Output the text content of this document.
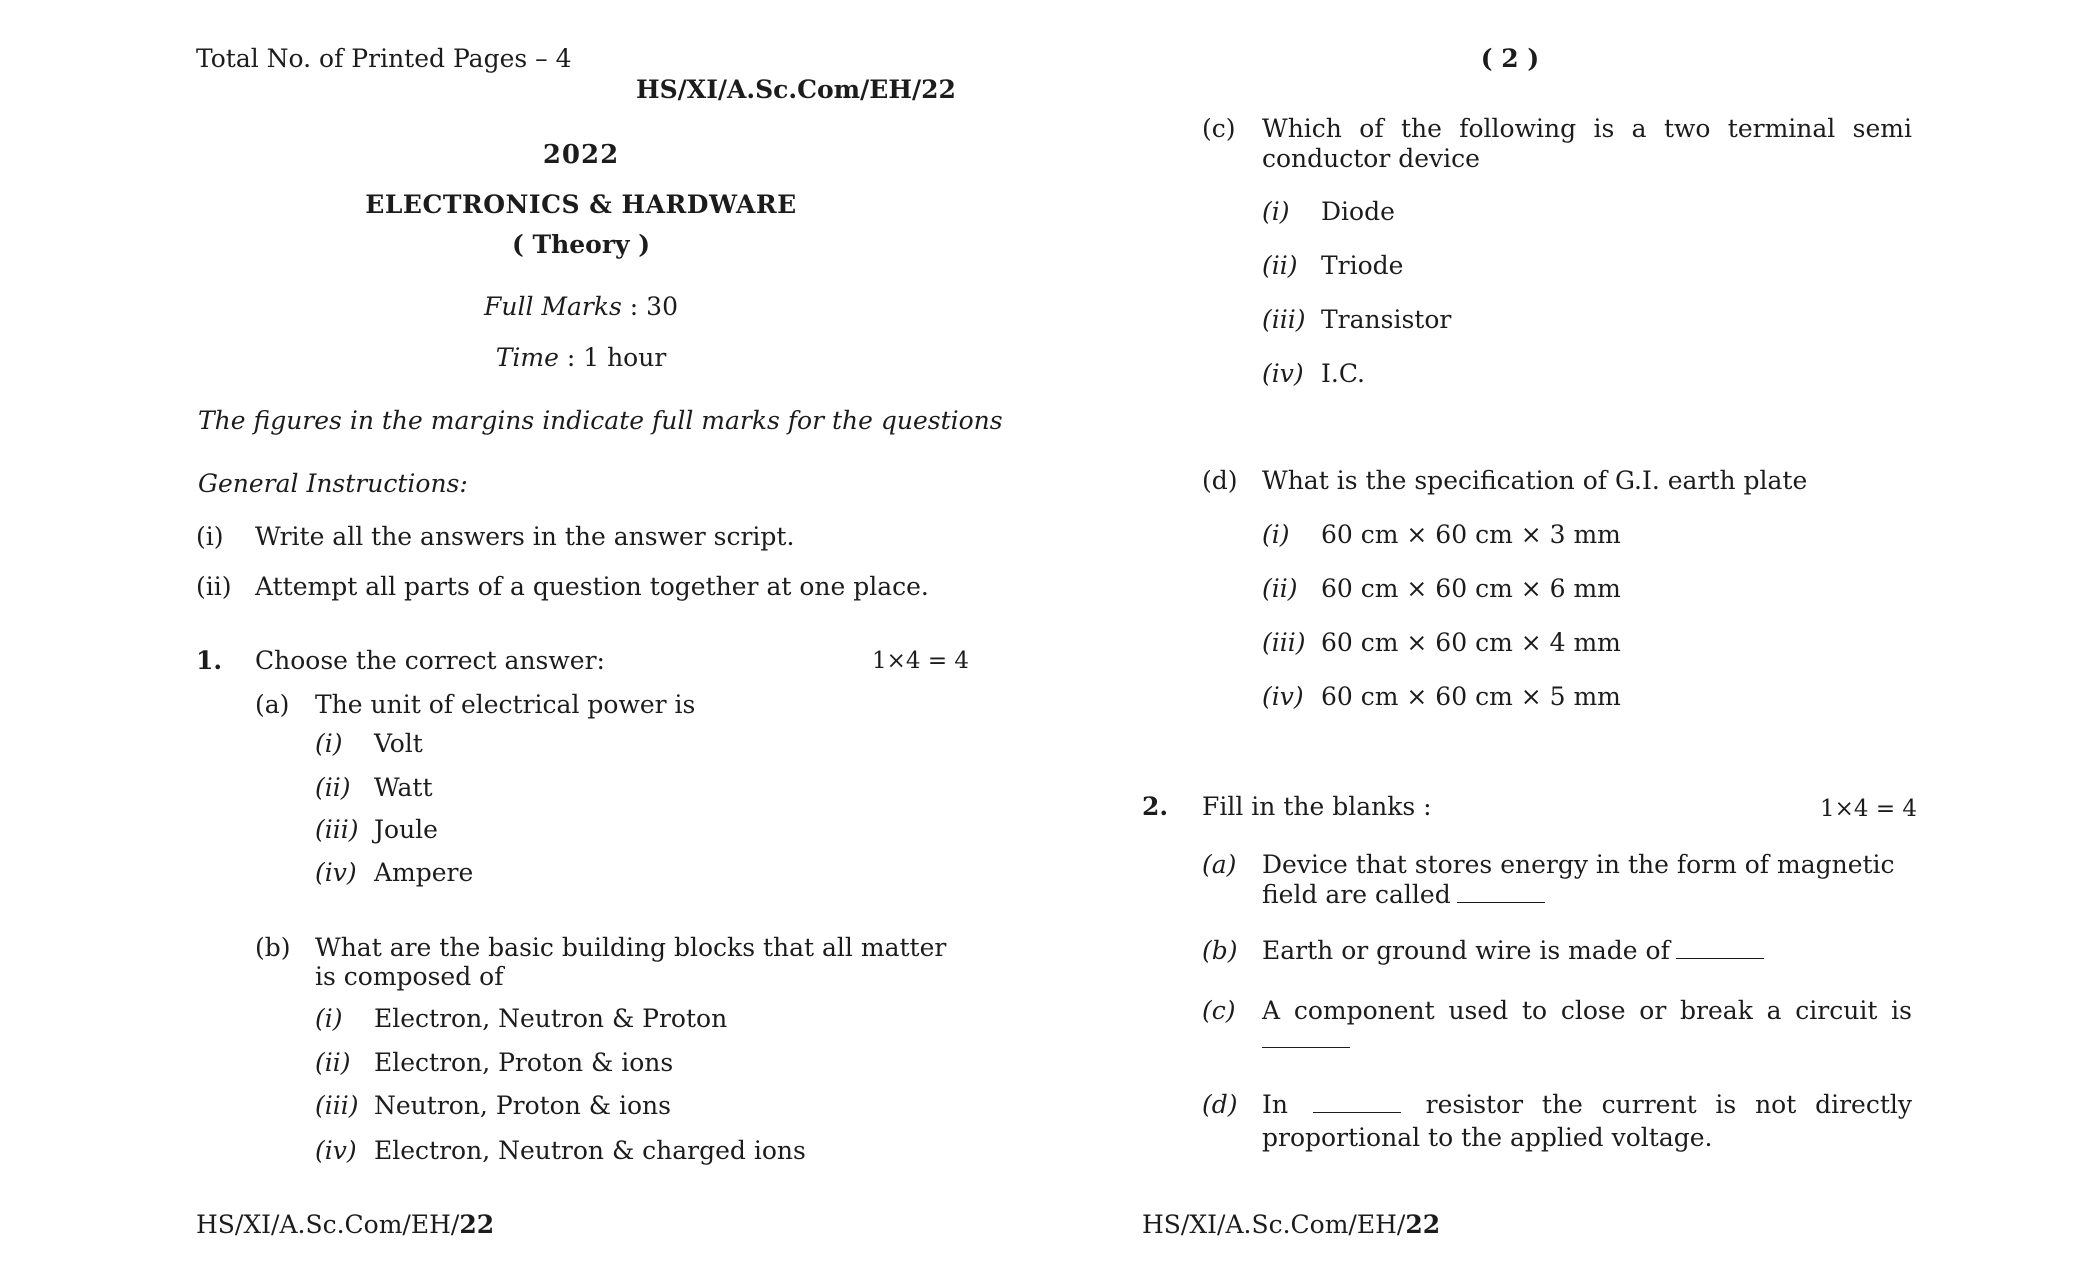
Total No. of Printed Pages – 4
HS/XI/A.Sc.Com/EH/22
2022
ELECTRONICS & HARDWARE
( Theory )
Full Marks : 30
Time : 1 hour
The figures in the margins indicate full marks for the questions
General Instructions:
(i) Write all the answers in the answer script.
(ii) Attempt all parts of a question together at one place.
1. Choose the correct answer:	1×4 = 4
(a) The unit of electrical power is
(i) Volt
(ii) Watt
(iii) Joule
(iv) Ampere
(b) What are the basic building blocks that all matter
is composed of
(i) Electron, Neutron & Proton
(ii) Electron, Proton & ions
(iii) Neutron, Proton & ions
(iv) Electron, Neutron & charged ions
HS/XI/A.Sc.Com/EH/22
( 2 )
(c) Which of the following is a two terminal semi
conductor device
(i) Diode
(ii) Triode
(iii) Transistor
(iv) I.C.
(d) What is the specification of G.I. earth plate
(i) 60 cm × 60 cm × 3 mm
(ii) 60 cm × 60 cm × 6 mm
(iii) 60 cm × 60 cm × 4 mm
(iv) 60 cm × 60 cm × 5 mm
2. Fill in the blanks :	1×4 = 4
(a) Device that stores energy in the form of magnetic
field are called
(b) Earth or ground wire is made of
(c) A component used to close or break a circuit is
(d) In	resistor the current is not directly
proportional to the applied voltage.
HS/XI/A.Sc.Com/EH/22
